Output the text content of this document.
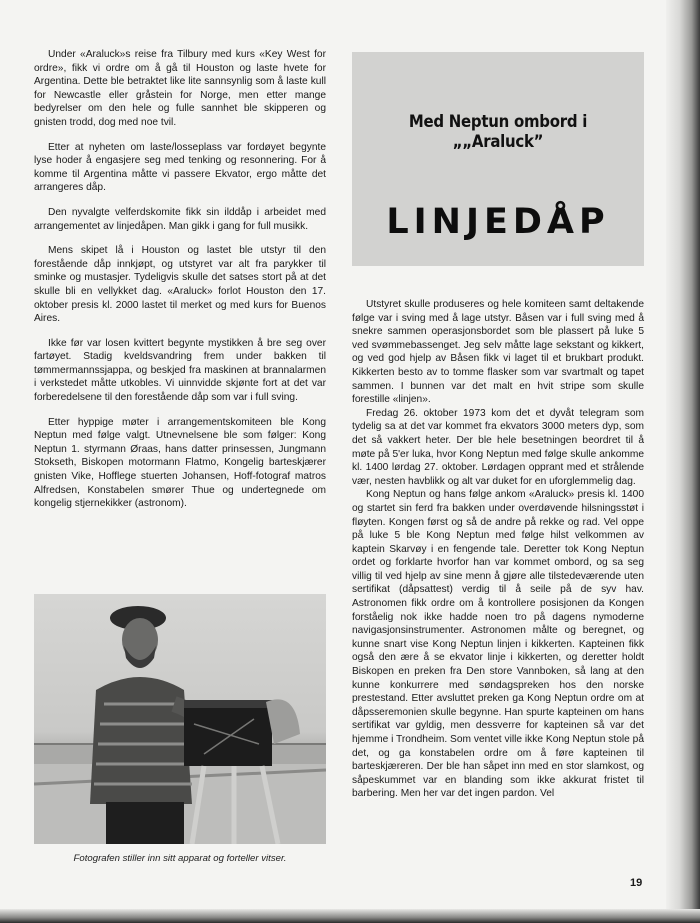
Under «Araluck»s reise fra Tilbury med kurs «Key West for ordre», fikk vi ordre om å gå til Houston og laste hvete for Argentina. Dette ble betraktet like lite sannsynlig som å laste kull for Newcastle eller gråstein for Norge, men etter mange bedyrelser om den hele og fulle sannhet ble skipperen og gnisten trodd, dog med noe tvil.

Etter at nyheten om laste/losseplass var fordøyet begynte lyse hoder å engasjere seg med tenking og resonnering. For å komme til Argentina måtte vi passere Ekvator, ergo måtte det arrangeres dåp.

Den nyvalgte velferdskomite fikk sin ilddåp i arbeidet med arrangementet av linjedåpen. Man gikk i gang for full musikk.

Mens skipet lå i Houston og lastet ble utstyr til den forestående dåp innkjøpt, og utstyret var alt fra parykker til sminke og mustasjer. Tydeligvis skulle det satses stort på at det skulle bli en vellykket dag. «Araluck» forlot Houston den 17. oktober presis kl. 2000 lastet til merket og med kurs for Buenos Aires.

Ikke før var losen kvittert begynte mystikken å bre seg over fartøyet. Stadig kveldsvandring frem under bakken til tømmermannssjappa, og beskjed fra maskinen at brannalarmen i verkstedet måtte utkobles. Vi uinnvidde skjønte fort at det var forberedelsene til den forestående dåp som var i full sving.

Etter hyppige møter i arrangementskomiteen ble Kong Neptun med følge valgt. Utnevnelsene ble som følger: Kong Neptun 1. styrmann Øraas, hans datter prinsessen, Jungmann Stokseth, Biskopen motormann Flatmo, Kongelig barteskjærer gnisten Vike, Hofflege stuerten Johansen, Hoff-fotograf matros Alfredsen, Konstabelen smører Thue og undertegnede om kongelig stjernekikker (astronom).

Med Neptun ombord i „„Araluck”
LINJEDÅP

Utstyret skulle produseres og hele komiteen samt deltakende følge var i sving med å lage utstyr. Båsen var i full sving med å snekre sammen operasjonsbordet som ble plassert på luke 5 ved svømmebassenget. Jeg selv måtte lage sekstant og kikkert, og ved god hjelp av Båsen fikk vi laget til et brukbart produkt. Kikkerten besto av to tomme flasker som var svartmalt og tapet sammen. I bunnen var det malt en hvit stripe som skulle forestille «linjen».

Fredag 26. oktober 1973 kom det et dyvåt telegram som tydelig sa at det var kommet fra ekvators 3000 meters dyp, som det så vakkert heter. Der ble hele besetningen beordret til å møte på 5'er luka, hvor Kong Neptun med følge skulle ankomme kl. 1400 lørdag 27. oktober. Lørdagen opprant med et strålende vær, nesten havblikk og alt var duket for en uforglemmelig dag.

Kong Neptun og hans følge ankom «Araluck» presis kl. 1400 og startet sin ferd fra bakken under overdøvende hilsningsstøt i fløyten. Kongen først og så de andre på rekke og rad. Vel oppe på luke 5 ble Kong Neptun med følge hilst velkommen av kaptein Skarvøy i en fengende tale. Deretter tok Kong Neptun ordet og forklarte hvorfor han var kommet ombord, og sa seg villig til ved hjelp av sine menn å gjøre alle tilstedeværende uten sertifikat (dåpsattest) verdig til å seile på de syv hav. Astronomen fikk ordre om å kontrollere posisjonen da Kongen forståelig nok ikke hadde noen tro på dagens nymoderne navigasjonsinstrumenter. Astronomen målte og beregnet, og kunne snart vise Kong Neptun linjen i kikkerten. Kapteinen fikk også den ære å se ekvator linje i kikkerten, og deretter holdt Biskopen en preken fra Den store Vannboken, så lang at den kunne konkurrere med søndagspreken hos den norske prestestand. Etter avsluttet preken ga Kong Neptun ordre om at dåpsseremonien skulle begynne. Han spurte kapteinen om hans sertifikat var gyldig, men dessverre for kapteinen så var det hjemme i Trondheim. Som ventet ville ikke Kong Neptun stole på det, og ga konstabelen ordre om å føre kapteinen til barteskjæreren. Der ble han såpet inn med en stor slamkost, og såpeskummet var en blanding som ikke akkurat fristet til barbering. Men her var det ingen pardon. Vel

Fotografen stiller inn sitt apparat og forteller vitser.
19
